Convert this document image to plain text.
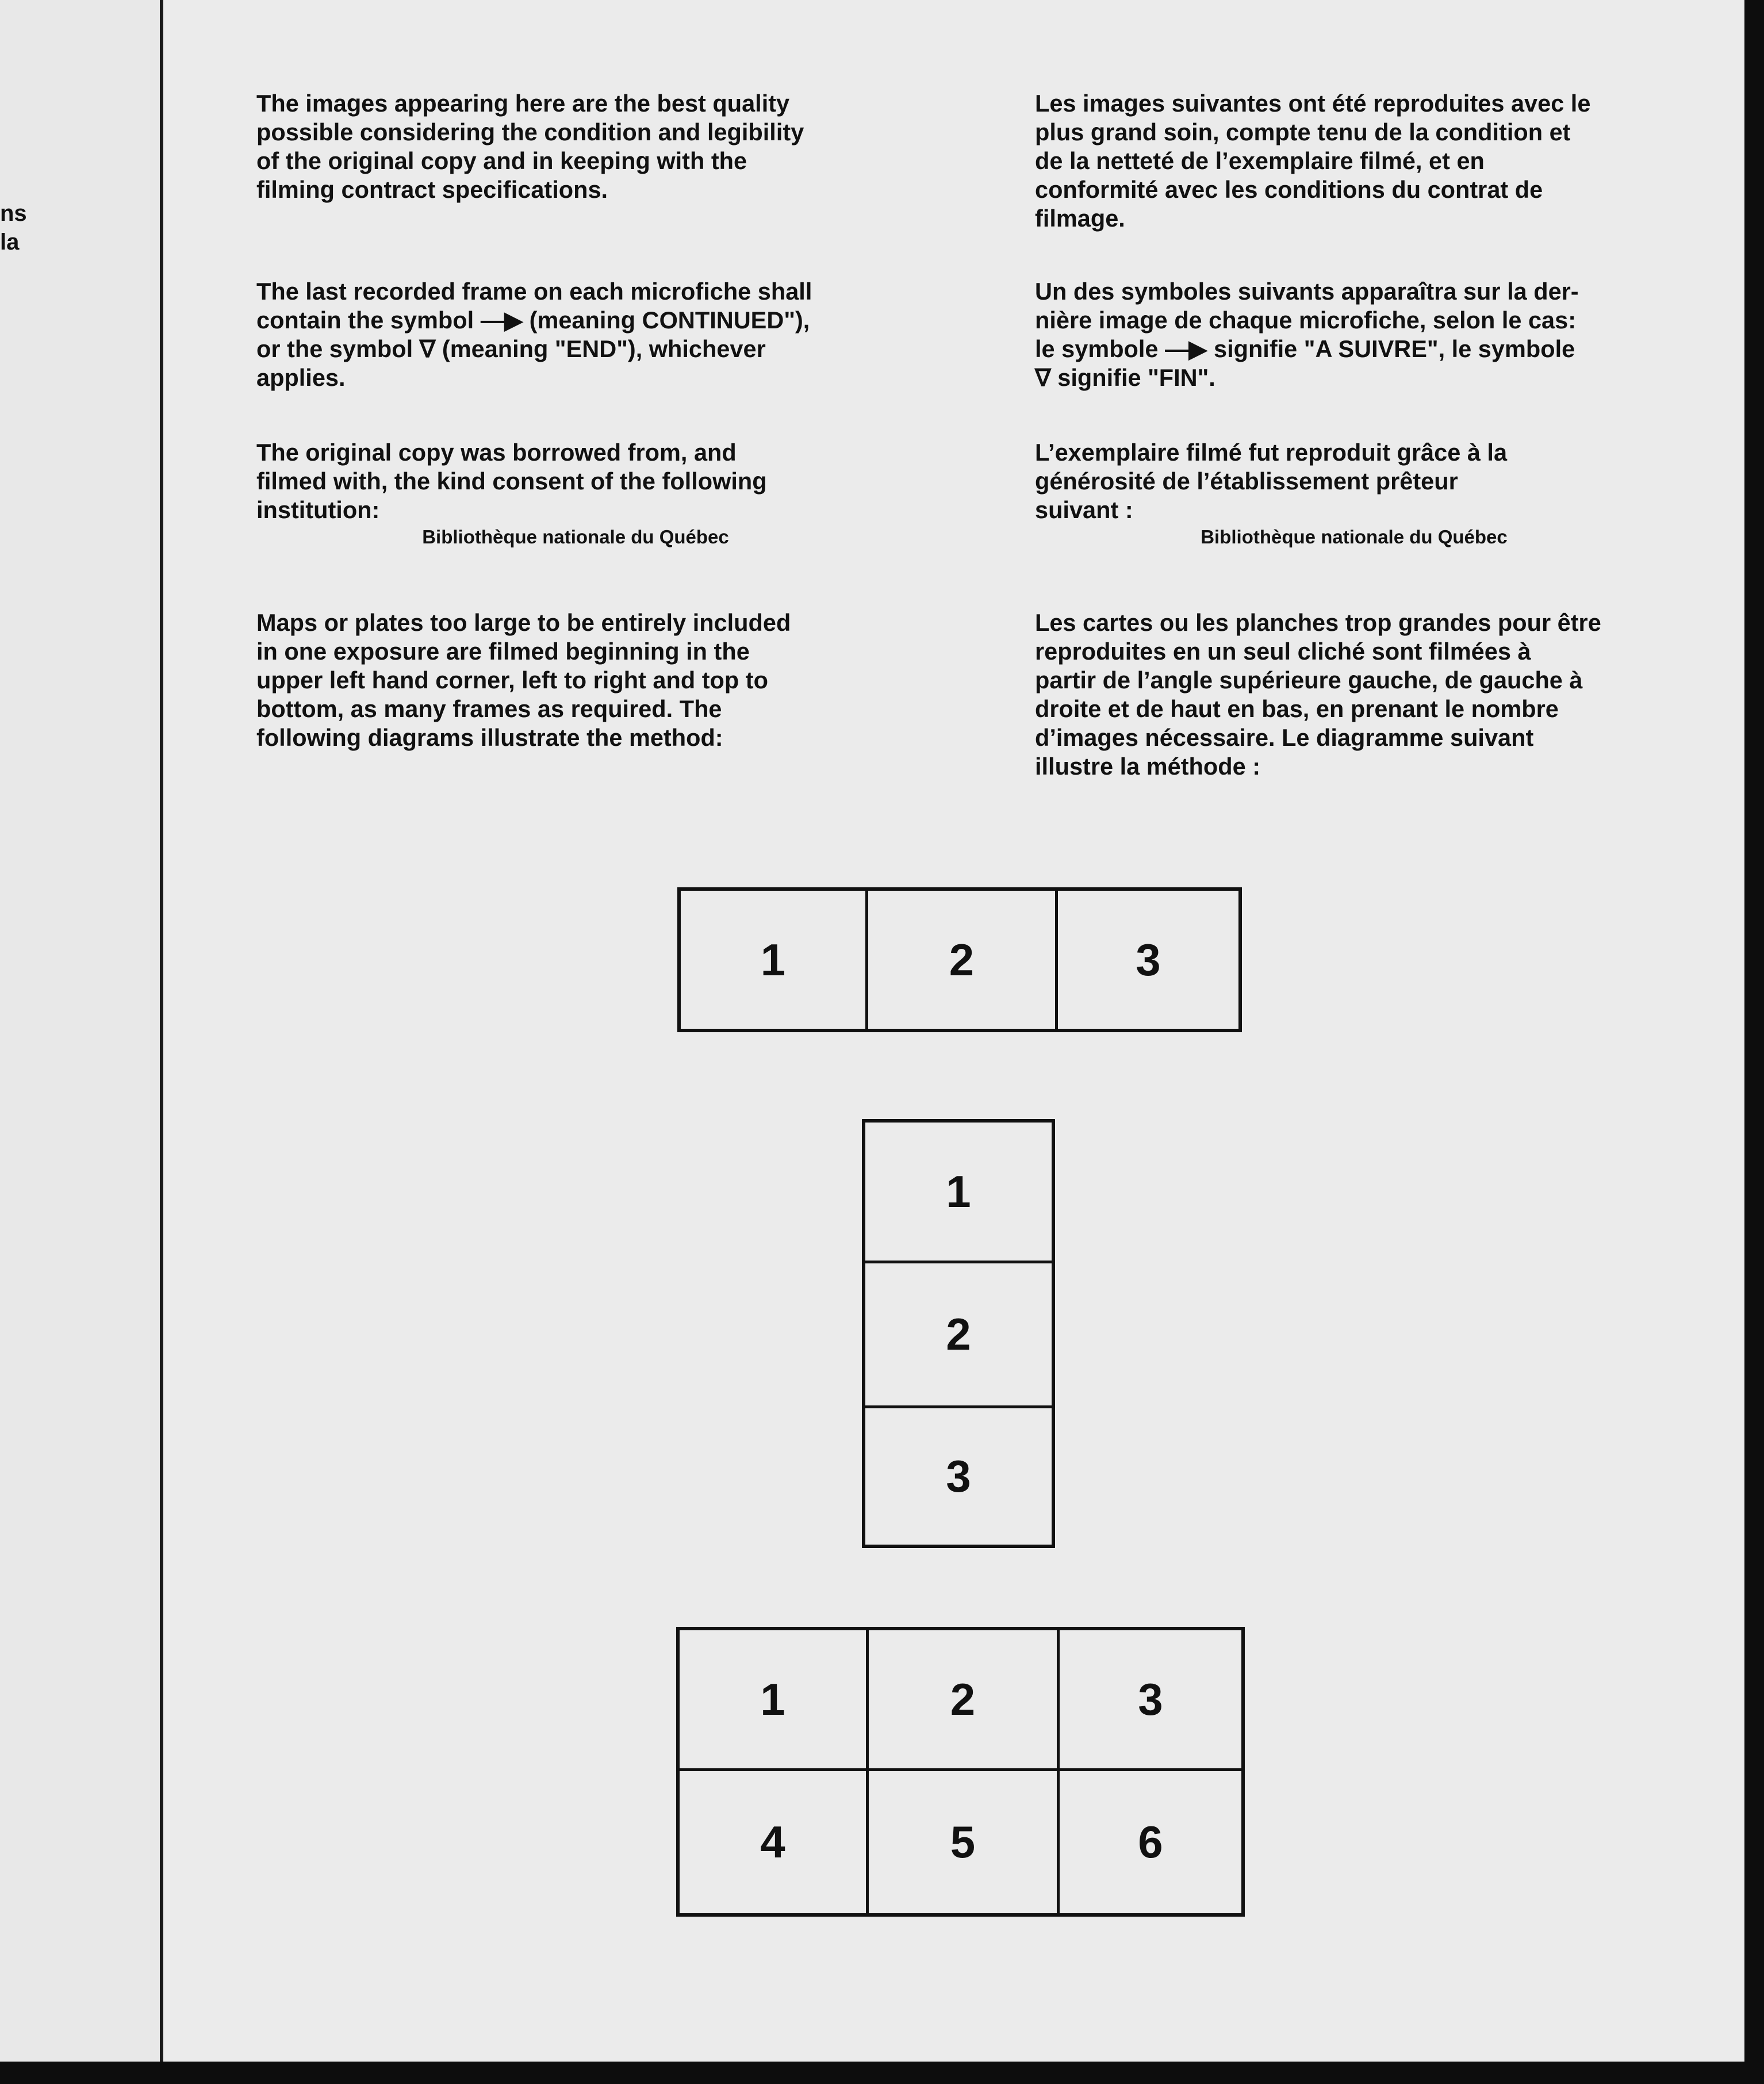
ns
la

The images appearing here are the best quality

possible considering the condition and legibility

of the original copy and in keeping with the

filming contract specifications.

The last recorded frame on each microfiche shall

contain the symbol —▶ (meaning CONTINUED"),

or the symbol ∇ (meaning "END"), whichever

applies.

The original copy was borrowed from, and

filmed with, the kind consent of the following

institution:

Bibliothèque nationale du Québec

Maps or plates too large to be entirely included

in one exposure are filmed beginning in the

upper left hand corner, left to right and top to

bottom, as many frames as required. The

following diagrams illustrate the method:

Les images suivantes ont été reproduites avec le

plus grand soin, compte tenu de la condition et

de la netteté de l’exemplaire filmé, et en

conformité avec les conditions du contrat de

filmage.

Un des symboles suivants apparaîtra sur la der-

nière image de chaque microfiche, selon le cas:

le symbole —▶ signifie "A SUIVRE", le symbole

∇ signifie "FIN".

L’exemplaire filmé fut reproduit grâce à la

générosité de l’établissement prêteur

suivant :

Bibliothèque nationale du Québec

Les cartes ou les planches trop grandes pour être

reproduites en un seul cliché sont filmées à

partir de l’angle supérieure gauche, de gauche à

droite et de haut en bas, en prenant le nombre

d’images nécessaire. Le diagramme suivant

illustre la méthode :

1	2	3
1
2
3
1	2	3
4	5	6
